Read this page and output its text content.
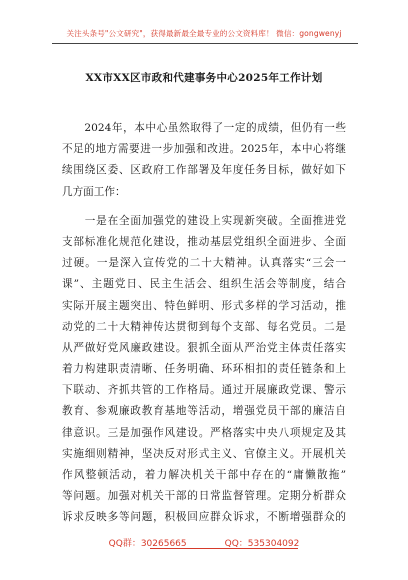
关注头条号"公文研究"，获得最新最全最专业的公文资料库！ 微信：gongwenyj
XX市XX区市政和代建事务中心2025年工作计划
　　2024年，本中心虽然取得了一定的成绩，但仍有一些
不足的地方需要进一步加强和改进。2025年，本中心将继
续围绕区委、区政府工作部署及年度任务目标，做好如下
几方面工作：
　　一是在全面加强党的建设上实现新突破。全面推进党
支部标准化规范化建设，推动基层党组织全面进步、全面
过硬。一是深入宣传党的二十大精神。认真落实“三会一
课”、主题党日、民主生活会、组织生活会等制度，结合
实际开展主题突出、特色鲜明、形式多样的学习活动，推
动党的二十大精神传达贯彻到每个支部、每名党员。二是
从严做好党风廉政建设。狠抓全面从严治党主体责任落实
着力构建职责清晰、任务明确、环环相扣的责任链条和上
下联动、齐抓共管的工作格局。通过开展廉政党课、警示
教育、参观廉政教育基地等活动，增强党员干部的廉洁自
律意识。三是加强作风建设。严格落实中央八项规定及其
实施细则精神，坚决反对形式主义、官僚主义。开展机关
作风整顿活动，着力解决机关干部中存在的“庸懒散拖”
等问题。加强对机关干部的日常监督管理。定期分析群众
诉求反映多等问题，积极回应群众诉求，不断增强群众的
QQ群：30265665	QQ：535304092
